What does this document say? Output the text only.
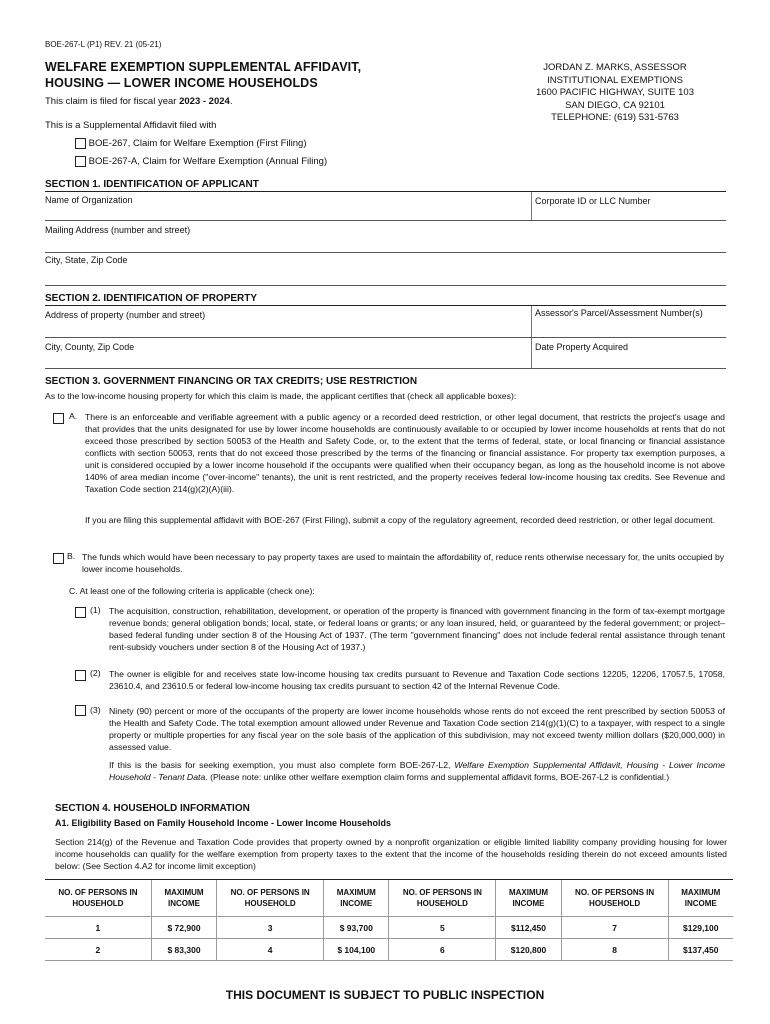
BOE-267-L (P1) REV. 21 (05-21)
WELFARE EXEMPTION SUPPLEMENTAL AFFIDAVIT,
HOUSING — LOWER INCOME HOUSEHOLDS
This claim is filed for fiscal year 2023 - 2024.
This is a Supplemental Affidavit filed with
BOE-267, Claim for Welfare Exemption (First Filing)
BOE-267-A, Claim for Welfare Exemption (Annual Filing)
JORDAN Z. MARKS, ASSESSOR
INSTITUTIONAL EXEMPTIONS
1600 PACIFIC HIGHWAY, SUITE 103
SAN DIEGO, CA 92101
TELEPHONE: (619) 531-5763
SECTION 1. IDENTIFICATION OF APPLICANT
Name of Organization	Corporate ID or LLC Number
Mailing Address (number and street)
City, State, Zip Code
SECTION 2. IDENTIFICATION OF PROPERTY
Address of property (number and street)	Assessor's Parcel/Assessment Number(s)
City, County, Zip Code	Date Property Acquired
SECTION 3. GOVERNMENT FINANCING OR TAX CREDITS; USE RESTRICTION
As to the low-income housing property for which this claim is made, the applicant certifies that (check all applicable boxes):
A. There is an enforceable and verifiable agreement with a public agency or a recorded deed restriction, or other legal document, that restricts the project's usage and that provides that the units designated for use by lower income households are continuously available to or occupied by lower income households at rents that do not exceed those prescribed by section 50053 of the Health and Safety Code, or, to the extent that the terms of federal, state, or local financing or financial assistance conflicts with section 50053, rents that do not exceed those prescribed by the terms of the financing or financial assistance. For property tax exemption purposes, a unit is considered occupied by a lower income household if the occupants were qualified when their occupancy began, as long as the household income is not above 140% of area median income ("over-income" tenants), the unit is rent restricted, and the property receives federal low-income housing tax credits. See Revenue and Taxation Code section 214(g)(2)(A)(iii).
If you are filing this supplemental affidavit with BOE-267 (First Filing), submit a copy of the regulatory agreement, recorded deed restriction, or other legal document.
B. The funds which would have been necessary to pay property taxes are used to maintain the affordability of, reduce rents otherwise necessary for, the units occupied by lower income households.
C. At least one of the following criteria is applicable (check one):
(1) The acquisition, construction, rehabilitation, development, or operation of the property is financed with government financing in the form of tax-exempt mortgage revenue bonds; general obligation bonds; local, state, or federal loans or grants; or any loan insured, held, or guaranteed by the federal government; or project–based federal funding under section 8 of the Housing Act of 1937. (The term "government financing" does not include federal rental assistance through tenant rent-subsidy vouchers under section 8 of the Housing Act of 1937.)
(2) The owner is eligible for and receives state low-income housing tax credits pursuant to Revenue and Taxation Code sections 12205, 12206, 17057.5, 17058, 23610.4, and 23610.5 or federal low-income housing tax credits pursuant to section 42 of the Internal Revenue Code.
(3) Ninety (90) percent or more of the occupants of the property are lower income households whose rents do not exceed the rent prescribed by section 50053 of the Health and Safety Code. The total exemption amount allowed under Revenue and Taxation Code section 214(g)(1)(C) to a taxpayer, with respect to a single property or multiple properties for any fiscal year on the sole basis of the application of this subdivision, may not exceed twenty million dollars ($20,000,000) in assessed value.
If this is the basis for seeking exemption, you must also complete form BOE-267-L2, Welfare Exemption Supplemental Affidavit, Housing - Lower Income Household - Tenant Data. (Please note: unlike other welfare exemption claim forms and supplemental affidavit forms, BOE-267-L2 is confidential.)
SECTION 4. HOUSEHOLD INFORMATION
A1. Eligibility Based on Family Household Income - Lower Income Households
Section 214(g) of the Revenue and Taxation Code provides that property owned by a nonprofit organization or eligible limited liability company providing housing for lower income households can qualify for the welfare exemption from property taxes to the extent that the income of the households residing therein do not exceed amounts listed below: (See Section 4.A2 for income limit exception)
NO. OF PERSONS IN HOUSEHOLD	MAXIMUM INCOME	NO. OF PERSONS IN HOUSEHOLD	MAXIMUM INCOME	NO. OF PERSONS IN HOUSEHOLD	MAXIMUM INCOME	NO. OF PERSONS IN HOUSEHOLD	MAXIMUM INCOME
1	$ 72,900	3	$ 93,700	5	$112,450	7	$129,100
2	$ 83,300	4	$ 104,100	6	$120,800	8	$137,450
THIS DOCUMENT IS SUBJECT TO PUBLIC INSPECTION
